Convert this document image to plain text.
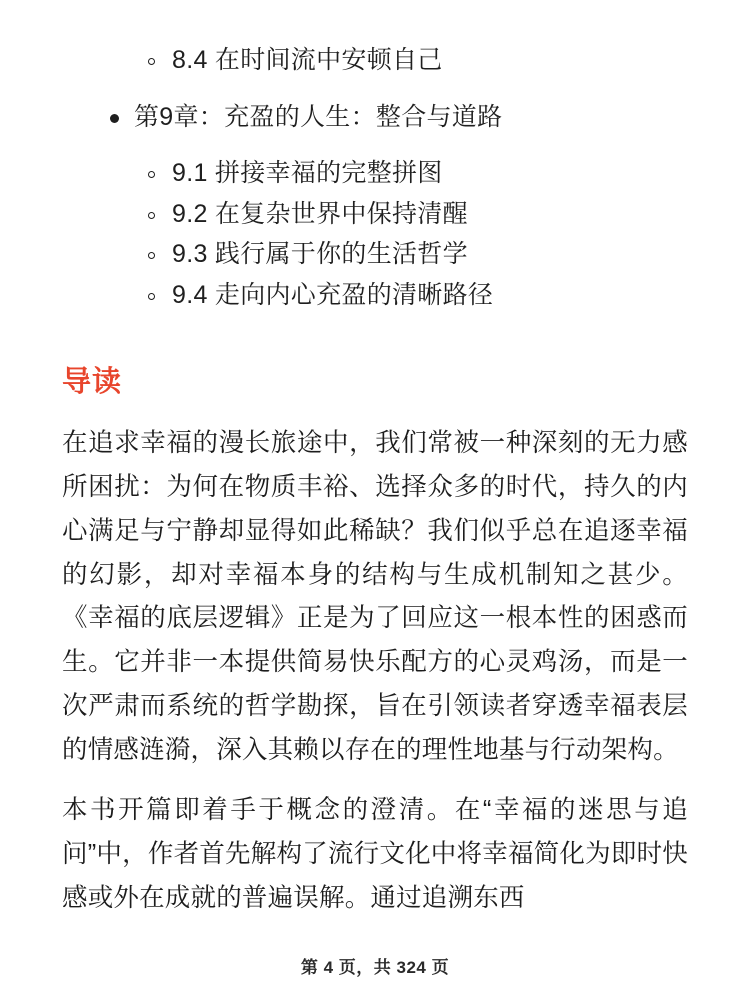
8.4 在时间流中安顿自己
第9章：充盈的人生：整合与道路
9.1 拼接幸福的完整拼图
9.2 在复杂世界中保持清醒
9.3 践行属于你的生活哲学
9.4 走向内心充盈的清晰路径
导读

在追求幸福的漫长旅途中，我们常被一种深刻的无力感所困扰：为何在物质丰裕、选择众多的时代，持久的内心满足与宁静却显得如此稀缺？我们似乎总在追逐幸福的幻影，却对幸福本身的结构与生成机制知之甚少。《幸福的底层逻辑》正是为了回应这一根本性的困惑而生。它并非一本提供简易快乐配方的心灵鸡汤，而是一次严肃而系统的哲学勘探，旨在引领读者穿透幸福表层的情感涟漪，深入其赖以存在的理性地基与行动架构。

本书开篇即着手于概念的澄清。在“幸福的迷思与追问”中，作者首先解构了流行文化中将幸福简化为即时快感或外在成就的普遍误解。通过追溯东西

第 4 页，共 324 页
